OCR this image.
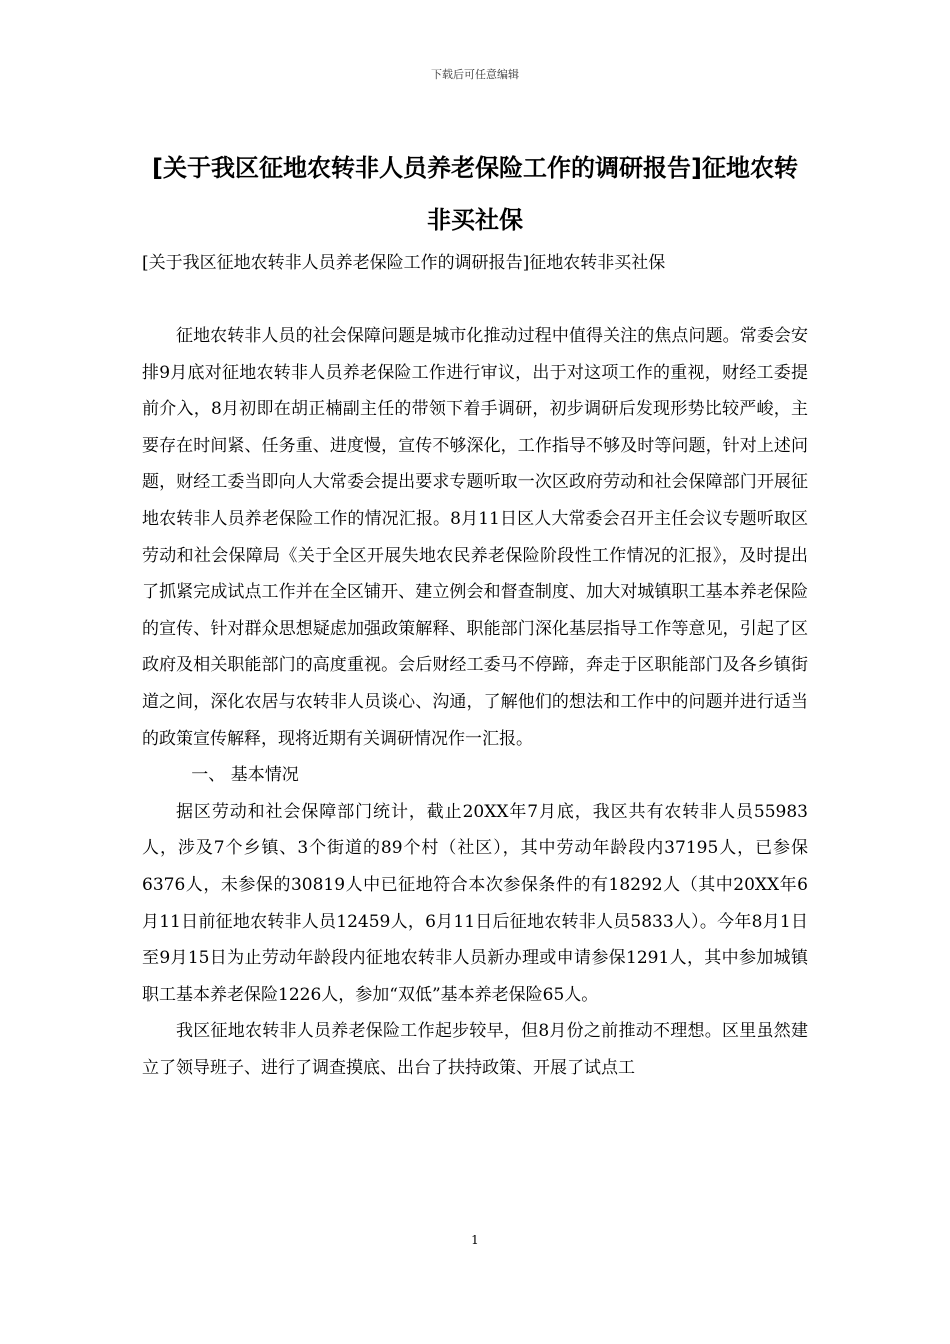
下载后可任意编辑
[关于我区征地农转非人员养老保险工作的调研报告]征地农转非买社保
[关于我区征地农转非人员养老保险工作的调研报告]征地农转非买社保

征地农转非人员的社会保障问题是城市化推动过程中值得关注的焦点问题。常委会安排9月底对征地农转非人员养老保险工作进行审议，出于对这项工作的重视，财经工委提前介入，8月初即在胡正楠副主任的带领下着手调研，初步调研后发现形势比较严峻，主要存在时间紧、任务重、进度慢，宣传不够深化，工作指导不够及时等问题，针对上述问题，财经工委当即向人大常委会提出要求专题听取一次区政府劳动和社会保障部门开展征地农转非人员养老保险工作的情况汇报。8月11日区人大常委会召开主任会议专题听取区劳动和社会保障局《关于全区开展失地农民养老保险阶段性工作情况的汇报》，及时提出了抓紧完成试点工作并在全区铺开、建立例会和督查制度、加大对城镇职工基本养老保险的宣传、针对群众思想疑虑加强政策解释、职能部门深化基层指导工作等意见，引起了区政府及相关职能部门的高度重视。会后财经工委马不停蹄，奔走于区职能部门及各乡镇街道之间，深化农居与农转非人员谈心、沟通，了解他们的想法和工作中的问题并进行适当的政策宣传解释，现将近期有关调研情况作一汇报。

一、 基本情况

据区劳动和社会保障部门统计，截止20XX年7月底，我区共有农转非人员55983人，涉及7个乡镇、3个街道的89个村（社区），其中劳动年龄段内37195人，已参保6376人，未参保的30819人中已征地符合本次参保条件的有18292人（其中20XX年6月11日前征地农转非人员12459人，6月11日后征地农转非人员5833人）。今年8月1日至9月15日为止劳动年龄段内征地农转非人员新办理或申请参保1291人，其中参加城镇职工基本养老保险1226人，参加“双低”基本养老保险65人。

我区征地农转非人员养老保险工作起步较早，但8月份之前推动不理想。区里虽然建立了领导班子、进行了调查摸底、出台了扶持政策、开展了试点工

1
